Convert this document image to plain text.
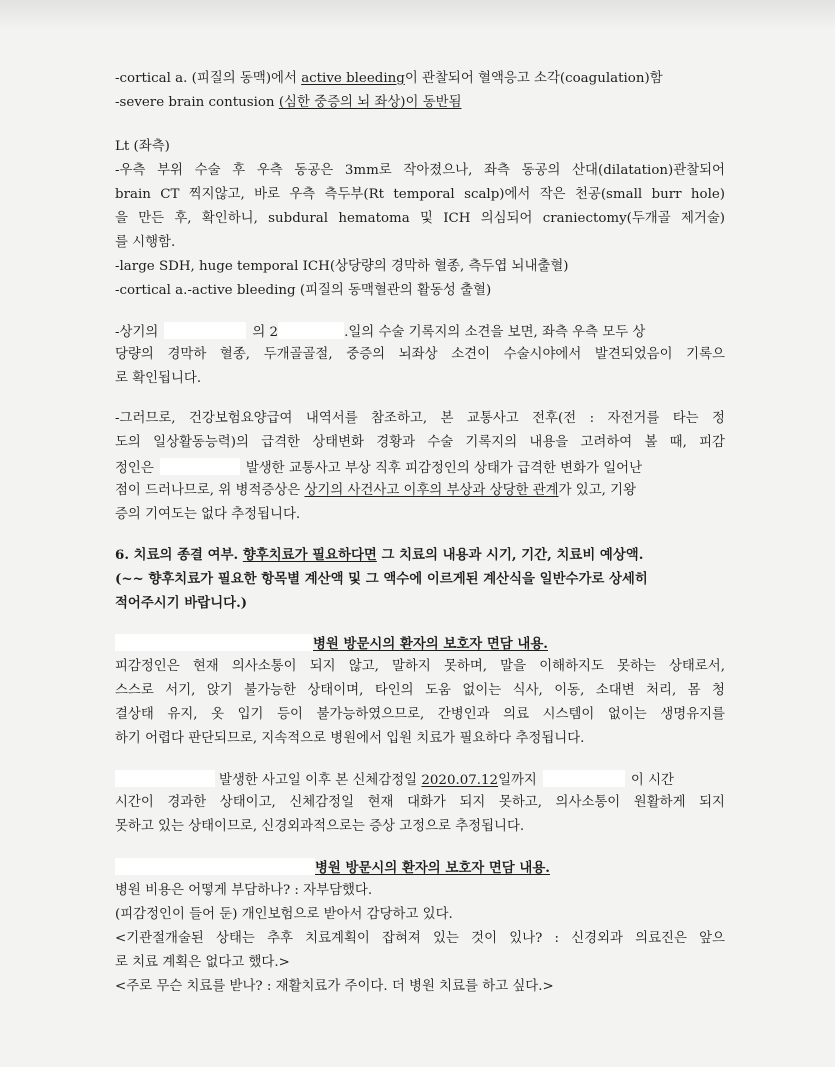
-cortical a. (피질의 동맥)에서 active bleeding이 관찰되어 혈액응고 소각(coagulation)함
-severe brain contusion (심한 중증의 뇌 좌상)이 동반됨
Lt (좌측)
-우측 부위 수술 후 우측 동공은 3mm로 작아졌으나, 좌측 동공의 산대(dilatation)관찰되어
brain CT 찍지않고, 바로 우측 측두부(Rt temporal scalp)에서 작은 천공(small burr hole)
을 만든 후, 확인하니, subdural hematoma 및 ICH 의심되어 craniectomy(두개골 제거술)
를 시행함.
-large SDH, huge temporal ICH(상당량의 경막하 혈종, 측두엽 뇌내출혈)
-cortical a.-active bleeding (피질의 동맥혈관의 활동성 출혈)
-상기의	의 2	.일의 수술 기록지의 소견을 보면, 좌측 우측 모두 상
당량의 경막하 혈종, 두개골골절, 중증의 뇌좌상 소견이 수술시야에서 발견되었음이 기록으
로 확인됩니다.
-그러므로, 건강보험요양급여 내역서를 참조하고, 본 교통사고 전후(전 : 자전거를 타는 정
도의 일상활동능력)의 급격한 상태변화 경황과 수술 기록지의 내용을 고려하여 볼 때, 피감
정인은	발생한 교통사고 부상 직후 피감정인의 상태가 급격한 변화가 일어난
점이 드러나므로, 위 병적증상은 상기의 사건사고 이후의 부상과 상당한 관계가 있고, 기왕
증의 기여도는 없다 추정됩니다.
6. 치료의 종결 여부. 향후치료가 필요하다면 그 치료의 내용과 시기, 기간, 치료비 예상액.
(~~ 향후치료가 필요한 항목별 계산액 및 그 액수에 이르게된 계산식을 일반수가로 상세히
적어주시기 바랍니다.)
병원 방문시의 환자의 보호자 면담 내용.
피감정인은 현재 의사소통이 되지 않고, 말하지 못하며, 말을 이해하지도 못하는 상태로서,
스스로 서기, 앉기 불가능한 상태이며, 타인의 도움 없이는 식사, 이동, 소대변 처리, 몸 청
결상태 유지, 옷 입기 등이 불가능하였으므로, 간병인과 의료 시스템이 없이는 생명유지를
하기 어렵다 판단되므로, 지속적으로 병원에서 입원 치료가 필요하다 추정됩니다.
발생한 사고일 이후 본 신체감정일 2020.07.12일까지	이 시간
시간이 경과한 상태이고, 신체감정일 현재 대화가 되지 못하고, 의사소통이 원활하게 되지
못하고 있는 상태이므로, 신경외과적으로는 증상 고정으로 추정됩니다.
병원 방문시의 환자의 보호자 면담 내용.
병원 비용은 어떻게 부담하나? : 자부담했다.
(피감정인이 들어 둔) 개인보험으로 받아서 감당하고 있다.
<기관절개술된 상태는 추후 치료계획이 잡혀져 있는 것이 있나? : 신경외과 의료진은 앞으
로 치료 계획은 없다고 했다.>
<주로 무슨 치료를 받나? : 재활치료가 주이다. 더 병원 치료를 하고 싶다.>
